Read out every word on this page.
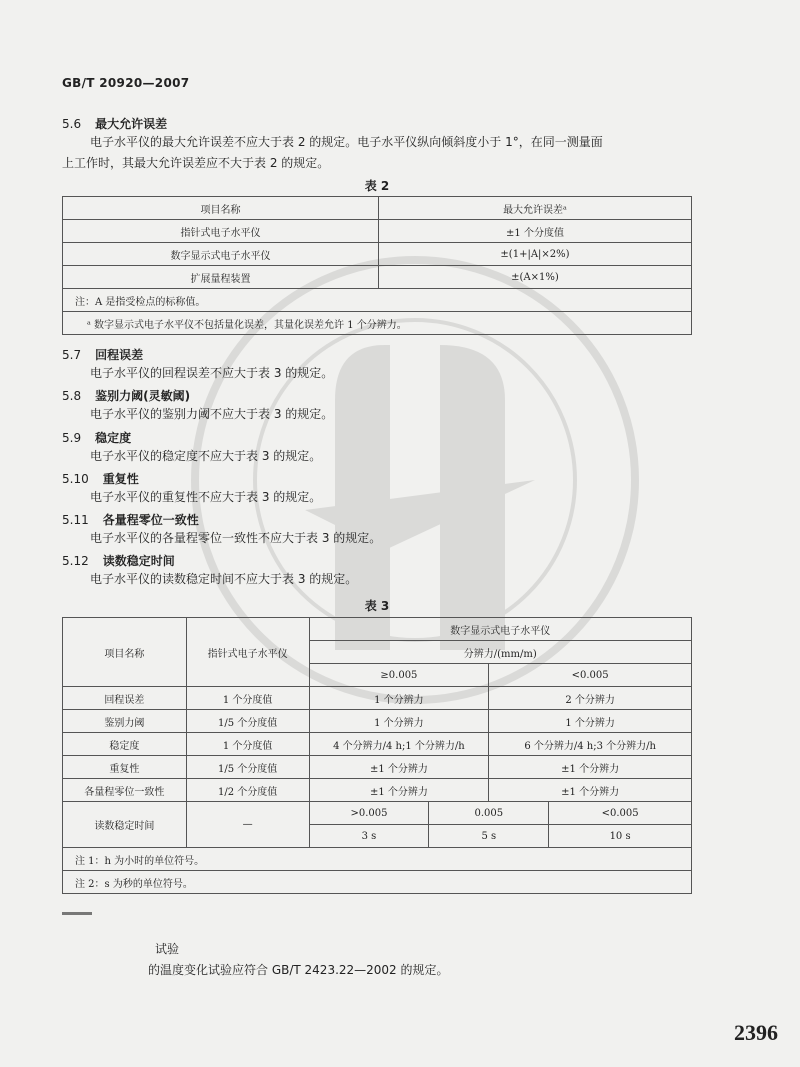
GB/T 20920—2007
5.6 最大允许误差
电子水平仪的最大允许误差不应大于表 2 的规定。电子水平仪纵向倾斜度小于 1°，在同一测量面
上工作时，其最大允许误差应不大于表 2 的规定。
表 2
项目名称	最大允许误差ᵃ
指针式电子水平仪	±1 个分度值
数字显示式电子水平仪	±(1+|A|×2%)
扩展量程装置	±(A×1%)
注：A 是指受检点的标称值。	
ᵃ 数字显示式电子水平仪不包括量化误差，其量化误差允许 1 个分辨力。	
5.7 回程误差
电子水平仪的回程误差不应大于表 3 的规定。
5.8 鉴别力阈(灵敏阈)
电子水平仪的鉴别力阈不应大于表 3 的规定。
5.9 稳定度
电子水平仪的稳定度不应大于表 3 的规定。
5.10 重复性
电子水平仪的重复性不应大于表 3 的规定。
5.11 各量程零位一致性
电子水平仪的各量程零位一致性不应大于表 3 的规定。
5.12 读数稳定时间
电子水平仪的读数稳定时间不应大于表 3 的规定。
表 3
项目名称	指针式电子水平仪	数字显示式电子水平仪			
		分辨力/(mm/m)			
		≥0.005		<0.005	
回程误差	1 个分度值	1 个分辨力		2 个分辨力	
鉴别力阈	1/5 个分度值	1 个分辨力		1 个分辨力	
稳定度	1 个分度值	4 个分辨力/4 h;1 个分辨力/h		6 个分辨力/4 h;3 个分辨力/h	
重复性	1/5 个分度值	±1 个分辨力		±1 个分辨力	
各量程零位一致性	1/2 个分度值	±1 个分辨力		±1 个分辨力	
读数稳定时间	—	>0.005	0.005		<0.005
		3 s	5 s		10 s
注 1：h 为小时的单位符号。					
注 2：s 为秒的单位符号。					
试验
的温度变化试验应符合 GB/T 2423.22—2002 的规定。
2396
